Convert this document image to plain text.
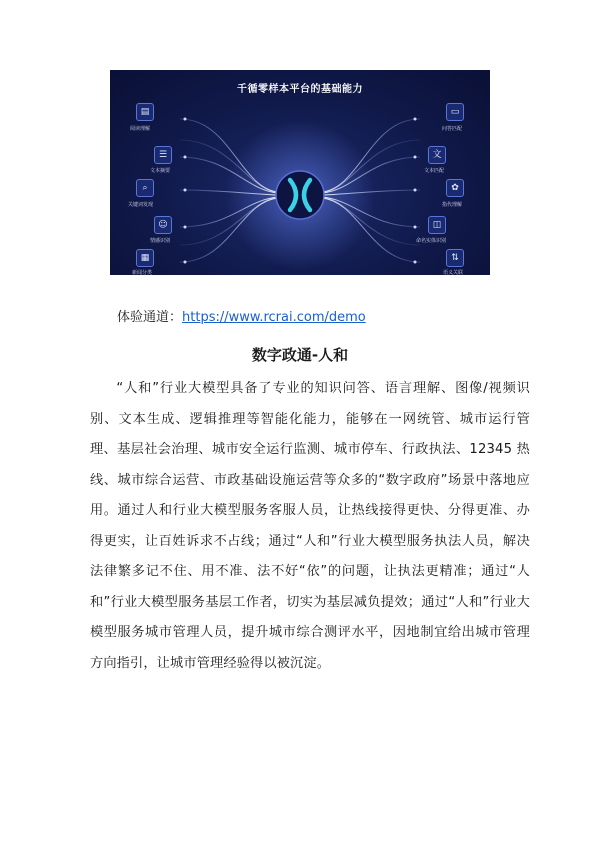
千循零样本平台的基础能力
▤
阅读理解
☰
文本摘要
⌕
关键词发现
☺
情感识别
▦
新闻分类
▭
问答匹配
文
文本匹配
✿
指代理解
◫
命名实体识别
⇅
语义关联
体验通道：https://www.rcrai.com/demo
数字政通-人和

“人和”行业大模型具备了专业的知识问答、语言理解、图像/视频识别、文本生成、逻辑推理等智能化能力，能够在一网统管、城市运行管理、基层社会治理、城市安全运行监测、城市停车、行政执法、12345 热线、城市综合运营、市政基础设施运营等众多的“数字政府”场景中落地应用。通过人和行业大模型服务客服人员，让热线接得更快、分得更准、办得更实，让百姓诉求不占线；通过“人和”行业大模型服务执法人员，解决法律繁多记不住、用不准、法不好“依”的问题，让执法更精准；通过“人和”行业大模型服务基层工作者，切实为基层减负提效；通过“人和”行业大模型服务城市管理人员，提升城市综合测评水平，因地制宜给出城市管理方向指引，让城市管理经验得以被沉淀。
